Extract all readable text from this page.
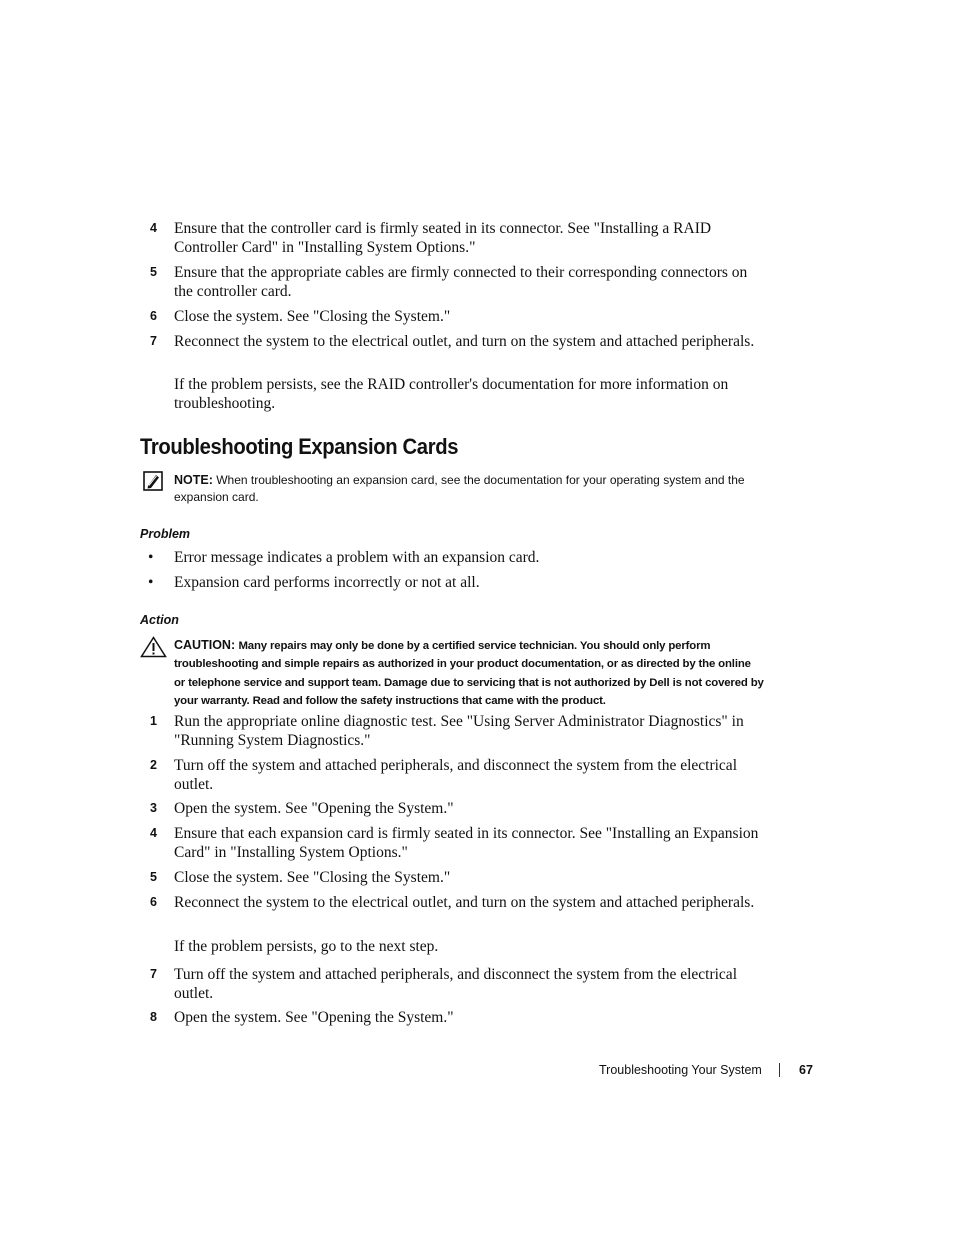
4 Ensure that the controller card is firmly seated in its connector. See "Installing a RAID Controller Card" in "Installing System Options."
5 Ensure that the appropriate cables are firmly connected to their corresponding connectors on the controller card.
6 Close the system. See "Closing the System."
7 Reconnect the system to the electrical outlet, and turn on the system and attached peripherals.
If the problem persists, see the RAID controller's documentation for more information on troubleshooting.
Troubleshooting Expansion Cards
NOTE: When troubleshooting an expansion card, see the documentation for your operating system and the expansion card.
Problem
• Error message indicates a problem with an expansion card.
• Expansion card performs incorrectly or not at all.
Action
CAUTION: Many repairs may only be done by a certified service technician. You should only perform troubleshooting and simple repairs as authorized in your product documentation, or as directed by the online or telephone service and support team. Damage due to servicing that is not authorized by Dell is not covered by your warranty. Read and follow the safety instructions that came with the product.
1 Run the appropriate online diagnostic test. See "Using Server Administrator Diagnostics" in "Running System Diagnostics."
2 Turn off the system and attached peripherals, and disconnect the system from the electrical outlet.
3 Open the system. See "Opening the System."
4 Ensure that each expansion card is firmly seated in its connector. See "Installing an Expansion Card" in "Installing System Options."
5 Close the system. See "Closing the System."
6 Reconnect the system to the electrical outlet, and turn on the system and attached peripherals.
If the problem persists, go to the next step.
7 Turn off the system and attached peripherals, and disconnect the system from the electrical outlet.
8 Open the system. See "Opening the System."
Troubleshooting Your System	67
